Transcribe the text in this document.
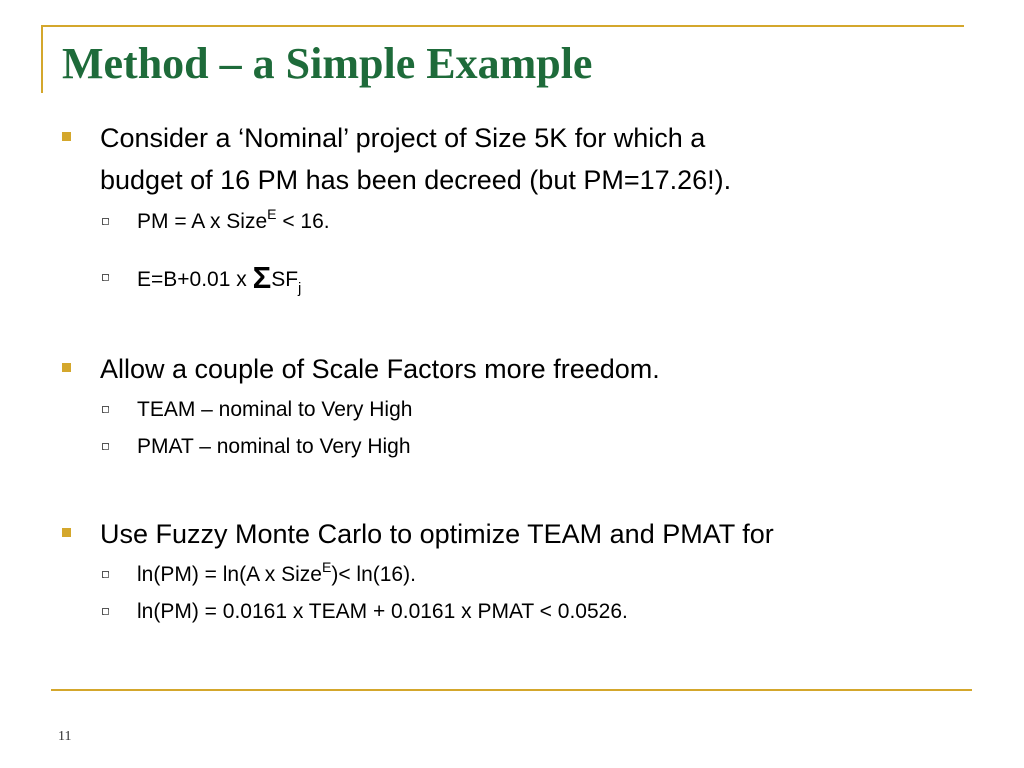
Method – a Simple Example
Consider a ‘Nominal’ project of Size 5K for which a
budget of 16 PM has been decreed (but PM=17.26!).
PM = A x Size$^E$ < 16.
E=B+0.01 x $\Sigma SF_j$
Allow a couple of Scale Factors more freedom.
TEAM – nominal to Very High
PMAT – nominal to Very High
Use Fuzzy Monte Carlo to optimize TEAM and PMAT for
ln(PM) = ln(A x Size$^E$)< ln(16).
ln(PM) = 0.0161 x TEAM + 0.0161 x PMAT < 0.0526.
11
